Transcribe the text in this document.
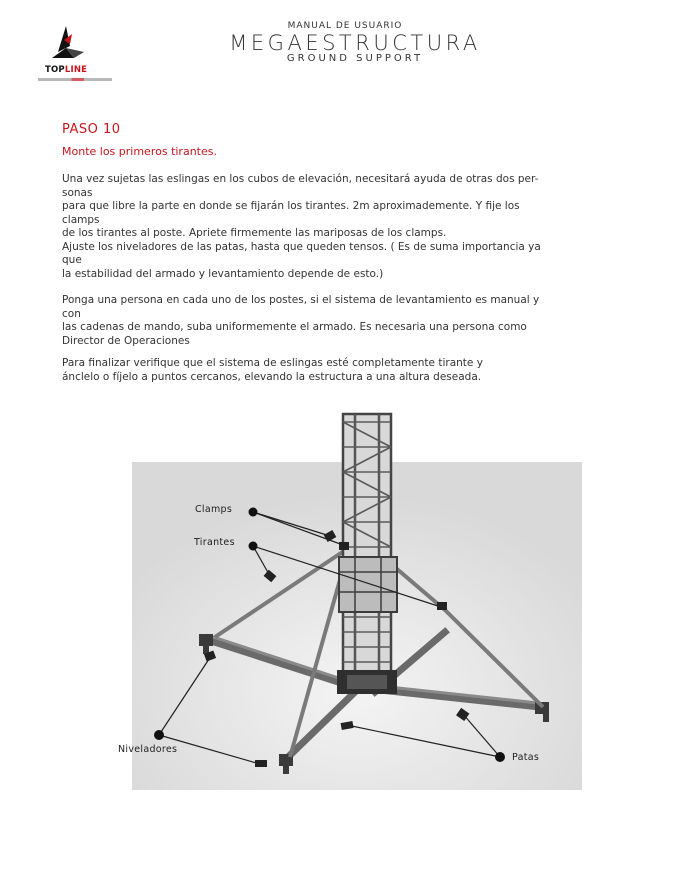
TOPLINE
MANUAL DE USUARIO
MEGAESTRUCTURA
GROUND SUPPORT
PASO 10
Monte los primeros tirantes.

Una vez sujetas las eslingas en los cubos de elevación, necesitará ayuda de otras dos per-

sonas

para que libre la parte en donde se fijarán los tirantes. 2m aproximademente. Y fije los

clamps

de los tirantes al poste. Apriete firmemente las mariposas de los clamps.

Ajuste los niveladores de las patas, hasta que queden tensos. ( Es de suma importancia ya

que

la estabilidad del armado y levantamiento depende de esto.)

Ponga una persona en cada uno de los postes, si el sistema de levantamiento es manual y

con

las cadenas de mando, suba uniformemente el armado. Es necesaria una persona como

Director de Operaciones

Para finalizar verifique que el sistema de eslingas esté completamente tirante y

ánclelo o fíjelo a puntos cercanos, elevando la estructura a una altura deseada.

Clamps
Tirantes
Niveladores
Patas
